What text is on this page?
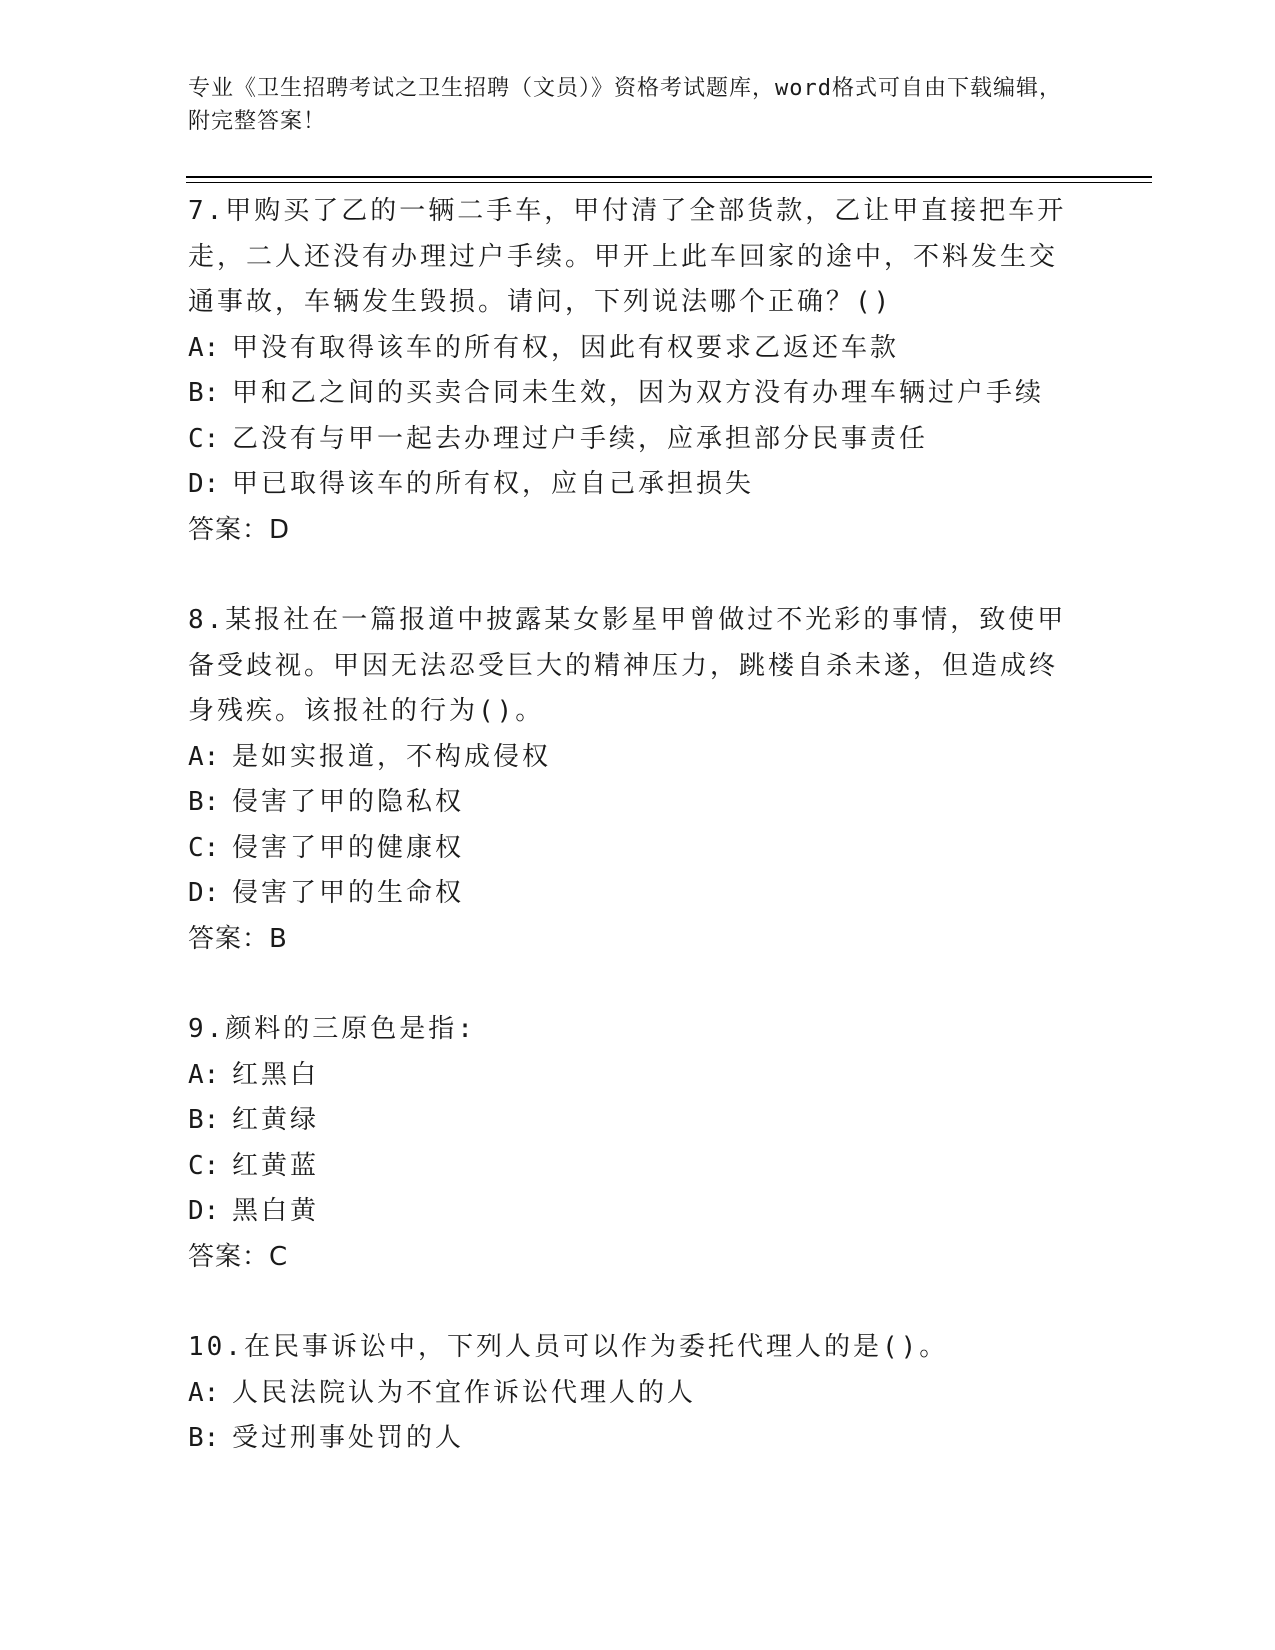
专业《卫生招聘考试之卫生招聘（文员）》资格考试题库，word格式可自由下载编辑，附完整答案！

7.甲购买了乙的一辆二手车，甲付清了全部货款，乙让甲直接把车开走，二人还没有办理过户手续。甲开上此车回家的途中，不料发生交通事故，车辆发生毁损。请问，下列说法哪个正确？()

A: 甲没有取得该车的所有权，因此有权要求乙返还车款

B: 甲和乙之间的买卖合同未生效，因为双方没有办理车辆过户手续

C: 乙没有与甲一起去办理过户手续，应承担部分民事责任

D: 甲已取得该车的所有权，应自己承担损失

答案：D

8.某报社在一篇报道中披露某女影星甲曾做过不光彩的事情，致使甲备受歧视。甲因无法忍受巨大的精神压力，跳楼自杀未遂，但造成终身残疾。该报社的行为()。

A: 是如实报道，不构成侵权

B: 侵害了甲的隐私权

C: 侵害了甲的健康权

D: 侵害了甲的生命权

答案：B

9.颜料的三原色是指:

A: 红黑白

B: 红黄绿

C: 红黄蓝

D: 黑白黄

答案：C

10.在民事诉讼中，下列人员可以作为委托代理人的是()。

A: 人民法院认为不宜作诉讼代理人的人

B: 受过刑事处罚的人
